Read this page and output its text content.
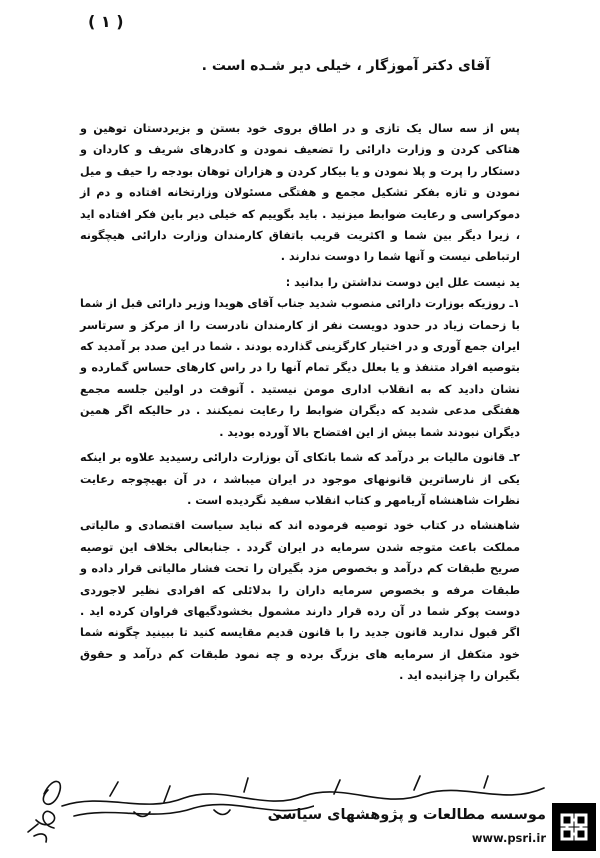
( ۱ )
آقای دکتر آموزگار ، خیلی دیر شـده است .

پس از سه سال یک تازی و در اطاق بروی خود بستن و بزیردستان توهین و هتاکی کردن و وزارت دارائی را تضعیف نمودن و کادرهای شریف و کاردان و دستکار را پرت و پلا نمودن و یا بیکار کردن و هزاران توهان بودجه را حیف و میل نمودن و تازه بفکر تشکیل مجمع و هفتگی مسئولان وزارتخانه افتاده و دم از دموکراسی و رعایت ضوابط میزنید . باید بگوییم که خیلی دیر باین فکر افتاده اید ، زیرا دیگر بین شما و اکثریت قریب باتفاق کارمندان وزارت دارائی هیچگونه ارتباطی نیست و آنها شما را دوست ندارند .

ید نیست علل این دوست نداشتن را بدانید :

۱ـ روزیکه بوزارت دارائی منصوب شدید جناب آقای هویدا وزیر دارائی قبل از شما با زحمات زیاد در حدود دویست نفر از کارمندان نادرست را از مرکز و سرتاسر ایران جمع آوری و در اختیار کارگزینی گذارده بودند . شما در این صدد بر آمدید که بتوصیه افراد متنفذ و یا بعلل دیگر تمام آنها را در راس کارهای حساس گمارده و نشان دادید که به انقلاب اداری مومن نیستید . آنوقت در اولین جلسه مجمع هفتگی مدعی شدید که دیگران ضوابط را رعایت نمیکنند . در حالیکه اگر همین دیگران نبودند شما بیش از این افتضاح بالا آورده بودید .

۲ـ قانون مالیات بر درآمد که شما باتکای آن بوزارت دارائی رسیدید علاوه بر اینکه یکی از نارساترین قانونهای موجود در ایران میباشد ، در آن بهیچوجه رعایت نظرات شاهنشاه آریامهر و کتاب انقلاب سفید نگردیده است .

شاهنشاه در کتاب خود توصیه فرموده اند که نباید سیاست اقتصادی و مالیاتی مملکت باعث متوجه شدن سرمایه در ایران گردد . جنابعالی بخلاف این توصیه صریح طبقات کم درآمد و بخصوص مزد بگیران را تحت فشار مالیاتی قرار داده و طبقات مرفه و بخصوص سرمایه داران را بدلائلی که افرادی نظیر لاجوردی دوست پوکر شما در آن رده قرار دارند مشمول بخشودگیهای فراوان کرده اید . اگر قبول ندارید قانون جدید را با قانون قدیم مقایسه کنید تا ببینید چگونه شما خود متکفل از سرمایه های بزرگ برده و چه نمود طبقات کم درآمد و حقوق بگیران را چزانیده اید .

موسسه مطالعات و پژوهشهای سیاسی
www.psri.ir
